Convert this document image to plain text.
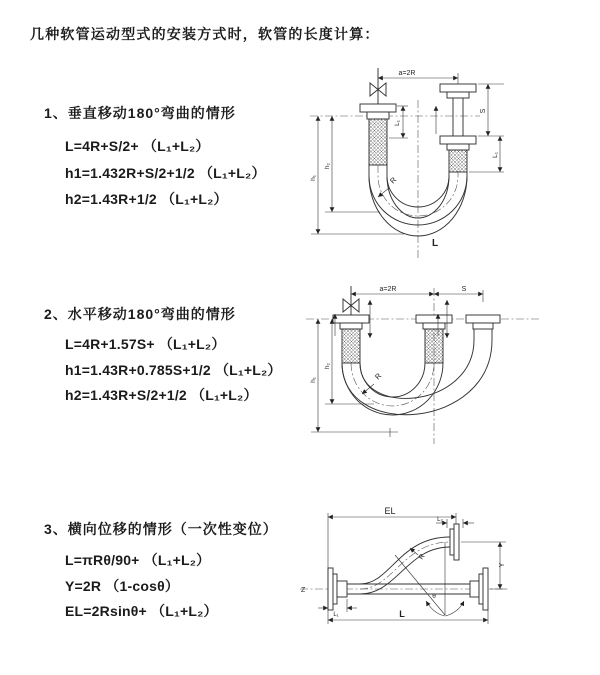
几种软管运动型式的安装方式时，软管的长度计算：
1、垂直移动180°弯曲的情形
L=4R+S/2+ （L₁+L₂）
h1=1.432R+S/2+1/2 （L₁+L₂）
h2=1.43R+1/2 （L₁+L₂）
a=2R
L₁
S
L₁
h₁
h₂
R
L
2、水平移动180°弯曲的情形
L=4R+1.57S+ （L₁+L₂）
h1=1.43R+0.785S+1/2 （L₁+L₂）
h2=1.43R+S/2+1/2 （L₁+L₂）
a=2R	S
h₁
h₂
R
3、横向位移的情形（一次性变位）
L=πRθ/90+ （L₁+L₂）
Y=2R （1-cosθ）
EL=2Rsinθ+ （L₁+L₂）
Z
EL
L₂
Y
θ
R
L₁	L
